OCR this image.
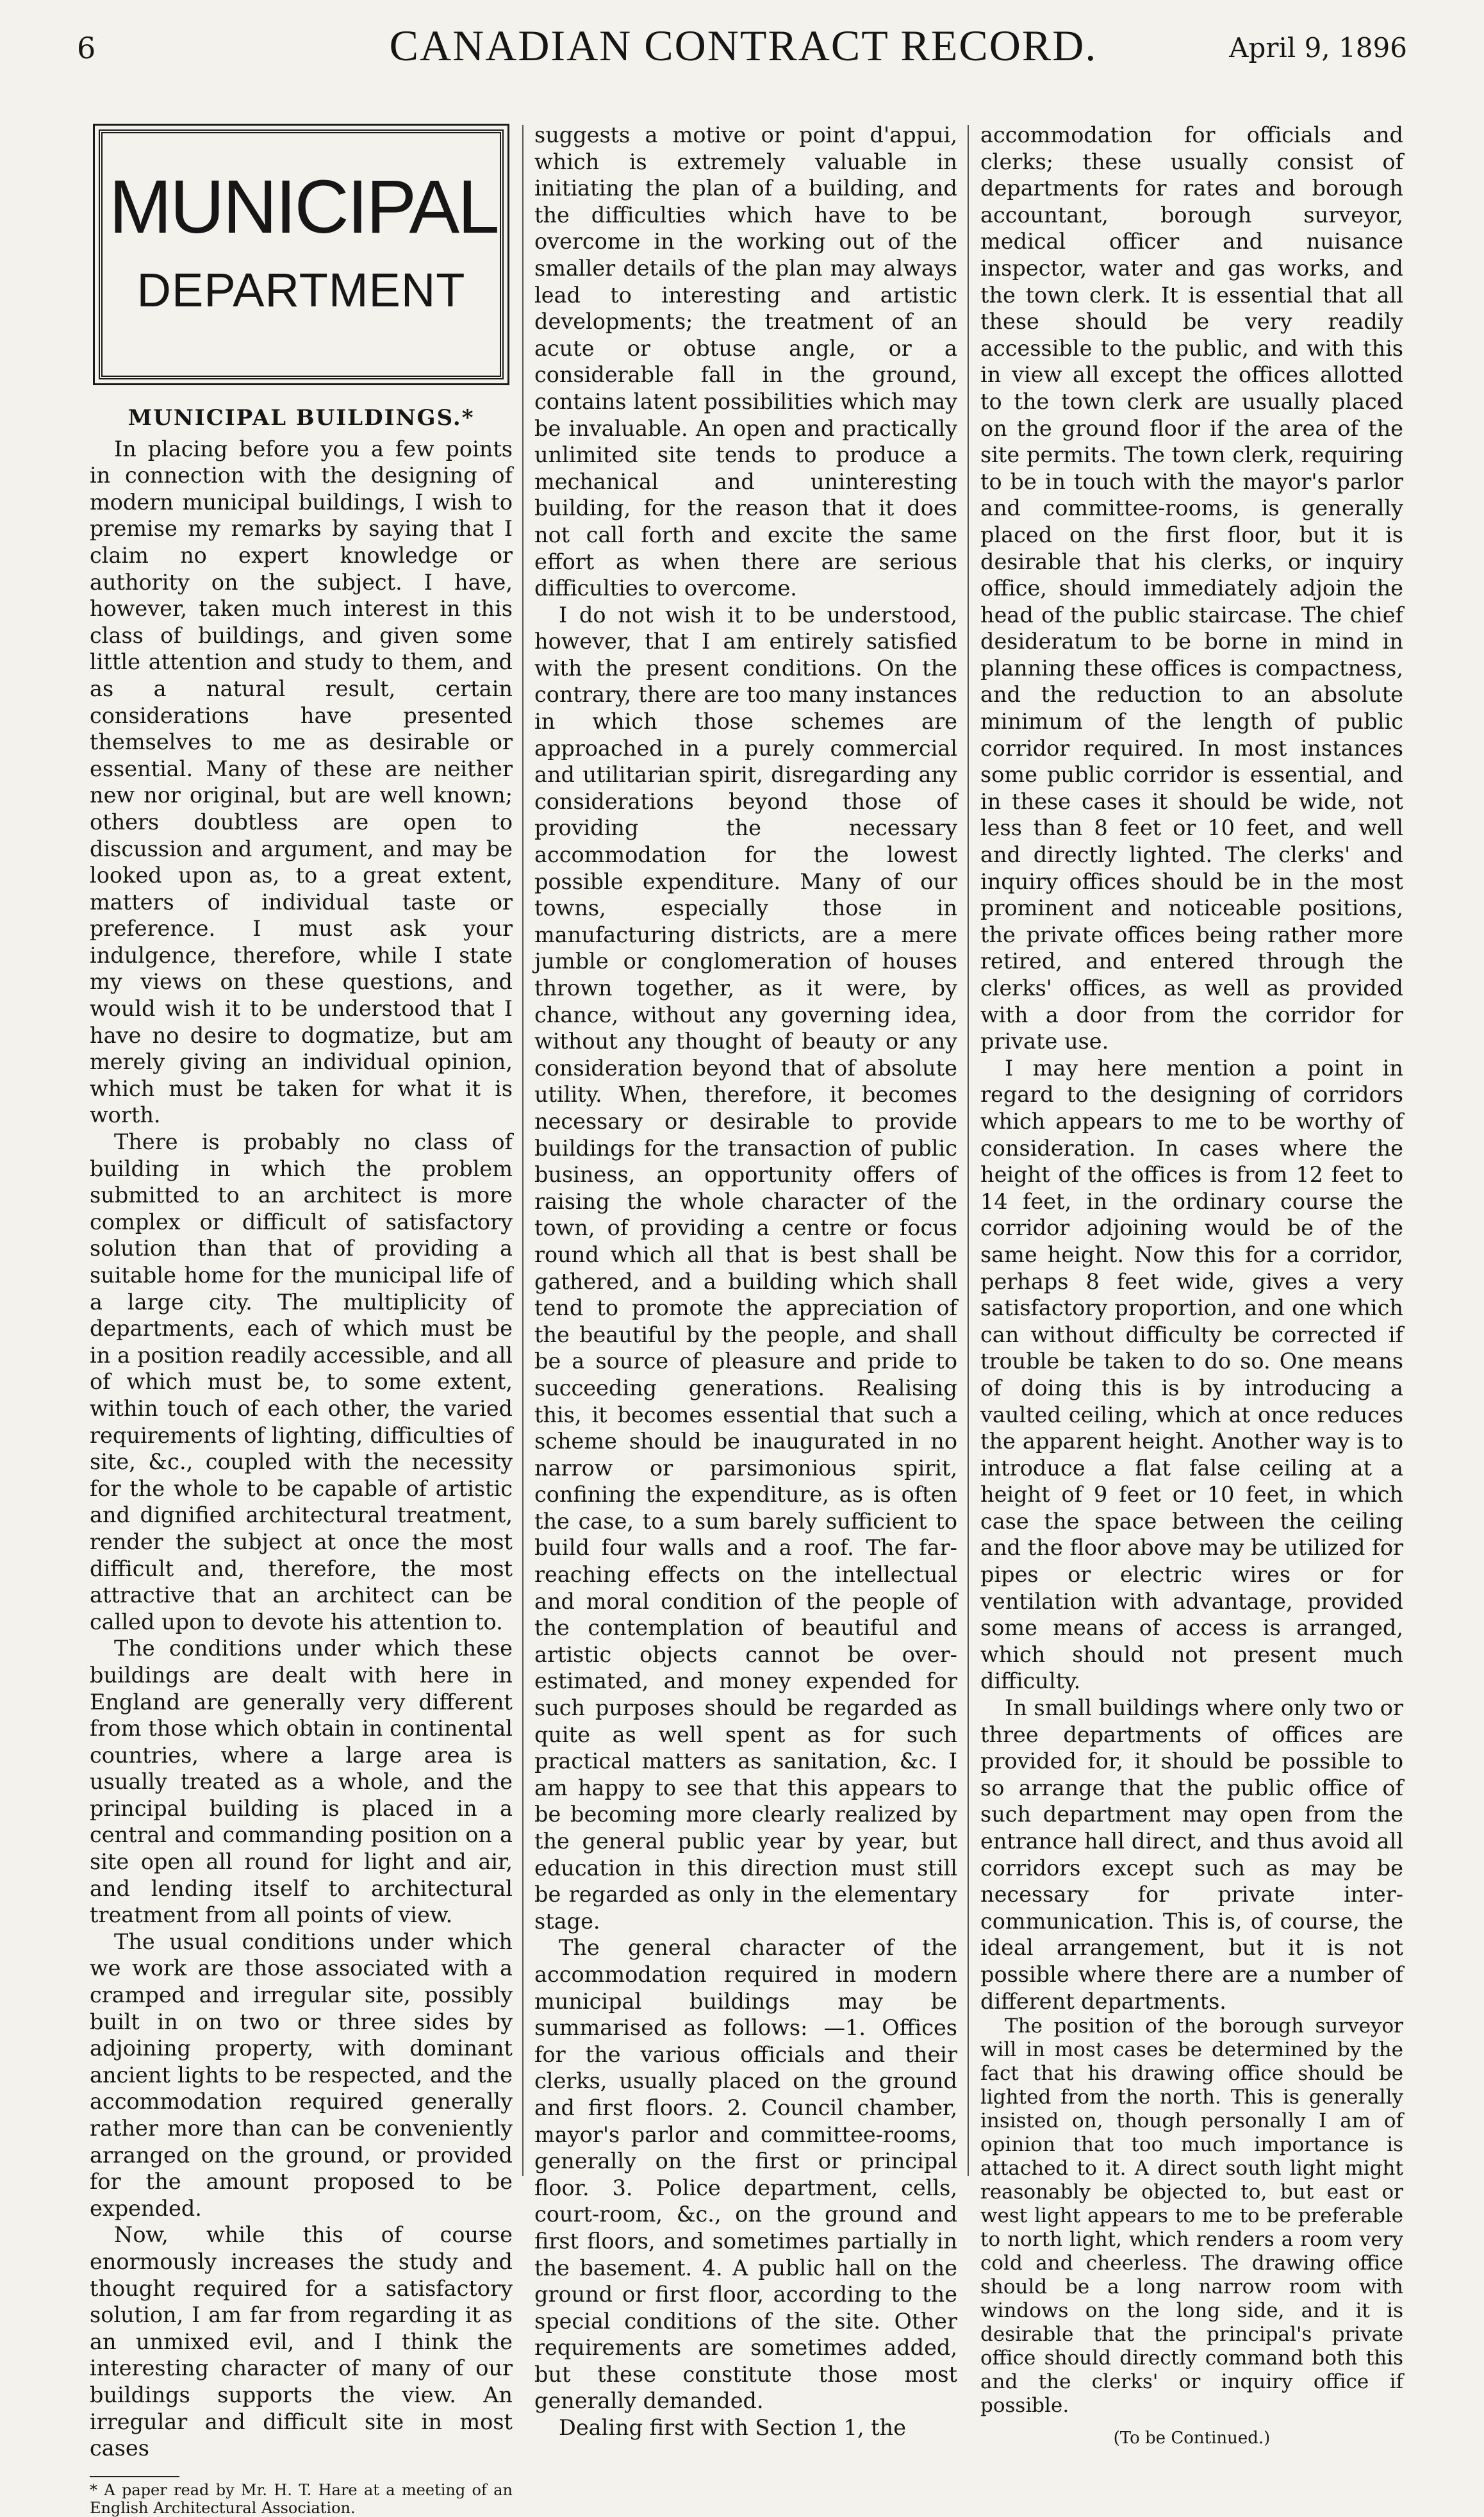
6	CANADIAN CONTRACT RECORD.	April 9, 1896
MUNICIPAL
DEPARTMENT
MUNICIPAL BUILDINGS.*

In placing before you a few points in connection with the designing of modern municipal buildings, I wish to premise my remarks by saying that I claim no expert knowledge or authority on the subject. I have, however, taken much interest in this class of buildings, and given some little attention and study to them, and as a natural result, certain considerations have presented themselves to me as desirable or essential. Many of these are neither new nor original, but are well known; others doubtless are open to discussion and argument, and may be looked upon as, to a great extent, matters of individual taste or preference. I must ask your indulgence, therefore, while I state my views on these questions, and would wish it to be understood that I have no desire to dogmatize, but am merely giving an individual opinion, which must be taken for what it is worth.

There is probably no class of building in which the problem submitted to an architect is more complex or difficult of satisfactory solution than that of providing a suitable home for the municipal life of a large city. The multiplicity of departments, each of which must be in a position readily accessible, and all of which must be, to some extent, within touch of each other, the varied requirements of lighting, difficulties of site, &c., coupled with the necessity for the whole to be capable of artistic and dignified architectural treatment, render the subject at once the most difficult and, therefore, the most attractive that an architect can be called upon to devote his attention to.

The conditions under which these buildings are dealt with here in England are generally very different from those which obtain in continental countries, where a large area is usually treated as a whole, and the principal building is placed in a central and commanding position on a site open all round for light and air, and lending itself to architectural treatment from all points of view.

The usual conditions under which we work are those associated with a cramped and irregular site, possibly built in on two or three sides by adjoining property, with dominant ancient lights to be respected, and the accommodation required generally rather more than can be conveniently arranged on the ground, or provided for the amount proposed to be expended.

Now, while this of course enormously increases the study and thought required for a satisfactory solution, I am far from regarding it as an unmixed evil, and I think the interesting character of many of our buildings supports the view. An irregular and difficult site in most cases

* A paper read by Mr. H. T. Hare at a meeting of an English Architectural Association.

suggests a motive or point d'appui, which is extremely valuable in initiating the plan of a building, and the difficulties which have to be overcome in the working out of the smaller details of the plan may always lead to interesting and artistic developments; the treatment of an acute or obtuse angle, or a considerable fall in the ground, contains latent possibilities which may be invaluable. An open and practically unlimited site tends to produce a mechanical and uninteresting building, for the reason that it does not call forth and excite the same effort as when there are serious difficulties to overcome.

I do not wish it to be understood, however, that I am entirely satisfied with the present conditions. On the contrary, there are too many instances in which those schemes are approached in a purely commercial and utilitarian spirit, disregarding any considerations beyond those of providing the necessary accommodation for the lowest possible expenditure. Many of our towns, especially those in manufacturing districts, are a mere jumble or conglomeration of houses thrown together, as it were, by chance, without any governing idea, without any thought of beauty or any consideration beyond that of absolute utility. When, therefore, it becomes necessary or desirable to provide buildings for the transaction of public business, an opportunity offers of raising the whole character of the town, of providing a centre or focus round which all that is best shall be gathered, and a building which shall tend to promote the appreciation of the beautiful by the people, and shall be a source of pleasure and pride to succeeding generations. Realising this, it becomes essential that such a scheme should be inaugurated in no narrow or parsimonious spirit, confining the expenditure, as is often the case, to a sum barely sufficient to build four walls and a roof. The far-reaching effects on the intellectual and moral condition of the people of the contemplation of beautiful and artistic objects cannot be over-estimated, and money expended for such purposes should be regarded as quite as well spent as for such practical matters as sanitation, &c. I am happy to see that this appears to be becoming more clearly realized by the general public year by year, but education in this direction must still be regarded as only in the elementary stage.

The general character of the accommodation required in modern municipal buildings may be summarised as follows: —1. Offices for the various officials and their clerks, usually placed on the ground and first floors. 2. Council chamber, mayor's parlor and committee-rooms, generally on the first or principal floor. 3. Police department, cells, court-room, &c., on the ground and first floors, and sometimes partially in the basement. 4. A public hall on the ground or first floor, according to the special conditions of the site. Other requirements are sometimes added, but these constitute those most generally demanded.

Dealing first with Section 1, the

accommodation for officials and clerks; these usually consist of departments for rates and borough accountant, borough surveyor, medical officer and nuisance inspector, water and gas works, and the town clerk. It is essential that all these should be very readily accessible to the public, and with this in view all except the offices allotted to the town clerk are usually placed on the ground floor if the area of the site permits. The town clerk, requiring to be in touch with the mayor's parlor and committee-rooms, is generally placed on the first floor, but it is desirable that his clerks, or inquiry office, should immediately adjoin the head of the public staircase. The chief desideratum to be borne in mind in planning these offices is compactness, and the reduction to an absolute minimum of the length of public corridor required. In most instances some public corridor is essential, and in these cases it should be wide, not less than 8 feet or 10 feet, and well and directly lighted. The clerks' and inquiry offices should be in the most prominent and noticeable positions, the private offices being rather more retired, and entered through the clerks' offices, as well as provided with a door from the corridor for private use.

I may here mention a point in regard to the designing of corridors which appears to me to be worthy of consideration. In cases where the height of the offices is from 12 feet to 14 feet, in the ordinary course the corridor adjoining would be of the same height. Now this for a corridor, perhaps 8 feet wide, gives a very satisfactory proportion, and one which can without difficulty be corrected if trouble be taken to do so. One means of doing this is by introducing a vaulted ceiling, which at once reduces the apparent height. Another way is to introduce a flat false ceiling at a height of 9 feet or 10 feet, in which case the space between the ceiling and the floor above may be utilized for pipes or electric wires or for ventilation with advantage, provided some means of access is arranged, which should not present much difficulty.

In small buildings where only two or three departments of offices are provided for, it should be possible to so arrange that the public office of such department may open from the entrance hall direct, and thus avoid all corridors except such as may be necessary for private inter-communication. This is, of course, the ideal arrangement, but it is not possible where there are a number of different departments.

The position of the borough surveyor will in most cases be determined by the fact that his drawing office should be lighted from the north. This is generally insisted on, though personally I am of opinion that too much importance is attached to it. A direct south light might reasonably be objected to, but east or west light appears to me to be preferable to north light, which renders a room very cold and cheerless. The drawing office should be a long narrow room with windows on the long side, and it is desirable that the principal's private office should directly command both this and the clerks' or inquiry office if possible.

(To be Continued.)
